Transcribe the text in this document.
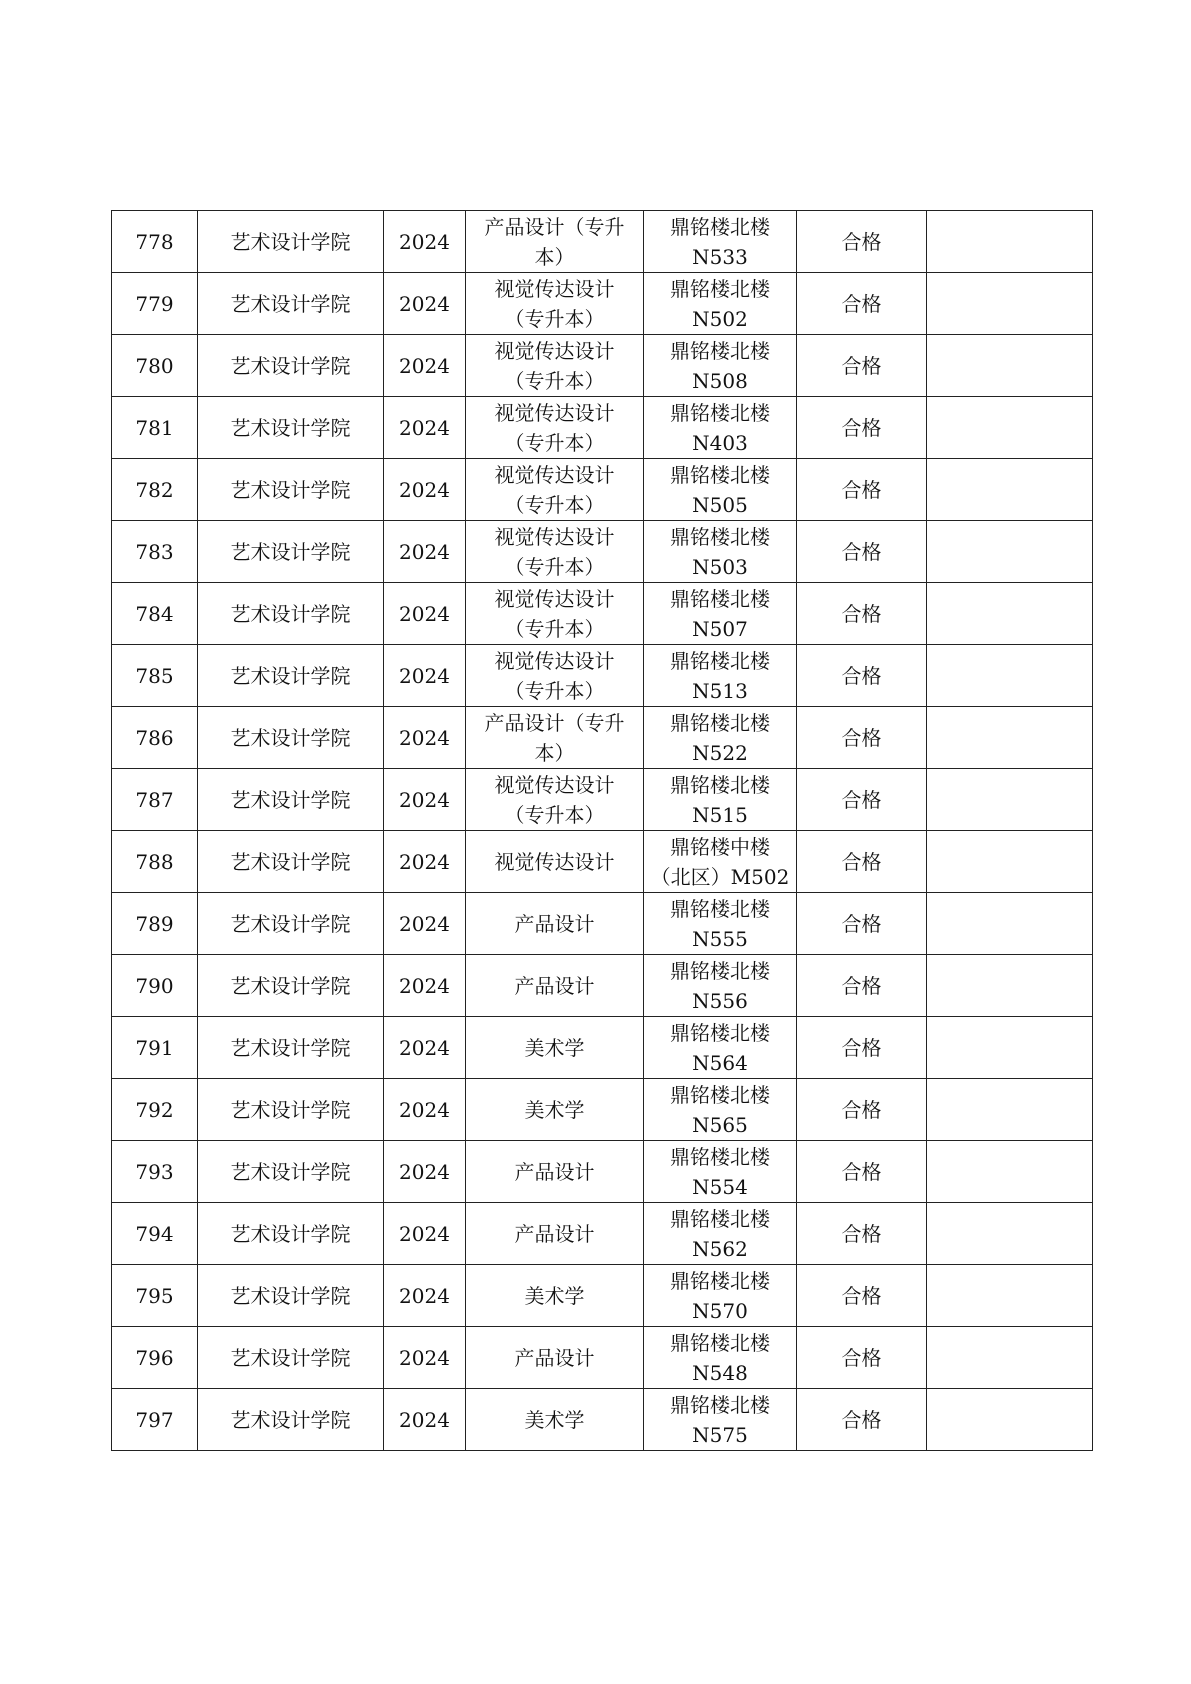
778	艺术设计学院	2024	产品设计（专升
本）	鼎铭楼北楼
N533	合格	
779	艺术设计学院	2024	视觉传达设计
（专升本）	鼎铭楼北楼
N502	合格	
780	艺术设计学院	2024	视觉传达设计
（专升本）	鼎铭楼北楼
N508	合格	
781	艺术设计学院	2024	视觉传达设计
（专升本）	鼎铭楼北楼
N403	合格	
782	艺术设计学院	2024	视觉传达设计
（专升本）	鼎铭楼北楼
N505	合格	
783	艺术设计学院	2024	视觉传达设计
（专升本）	鼎铭楼北楼
N503	合格	
784	艺术设计学院	2024	视觉传达设计
（专升本）	鼎铭楼北楼
N507	合格	
785	艺术设计学院	2024	视觉传达设计
（专升本）	鼎铭楼北楼
N513	合格	
786	艺术设计学院	2024	产品设计（专升
本）	鼎铭楼北楼
N522	合格	
787	艺术设计学院	2024	视觉传达设计
（专升本）	鼎铭楼北楼
N515	合格	
788	艺术设计学院	2024	视觉传达设计	鼎铭楼中楼
（北区）M502	合格	
789	艺术设计学院	2024	产品设计	鼎铭楼北楼
N555	合格	
790	艺术设计学院	2024	产品设计	鼎铭楼北楼
N556	合格	
791	艺术设计学院	2024	美术学	鼎铭楼北楼
N564	合格	
792	艺术设计学院	2024	美术学	鼎铭楼北楼
N565	合格	
793	艺术设计学院	2024	产品设计	鼎铭楼北楼
N554	合格	
794	艺术设计学院	2024	产品设计	鼎铭楼北楼
N562	合格	
795	艺术设计学院	2024	美术学	鼎铭楼北楼
N570	合格	
796	艺术设计学院	2024	产品设计	鼎铭楼北楼
N548	合格	
797	艺术设计学院	2024	美术学	鼎铭楼北楼
N575	合格	
